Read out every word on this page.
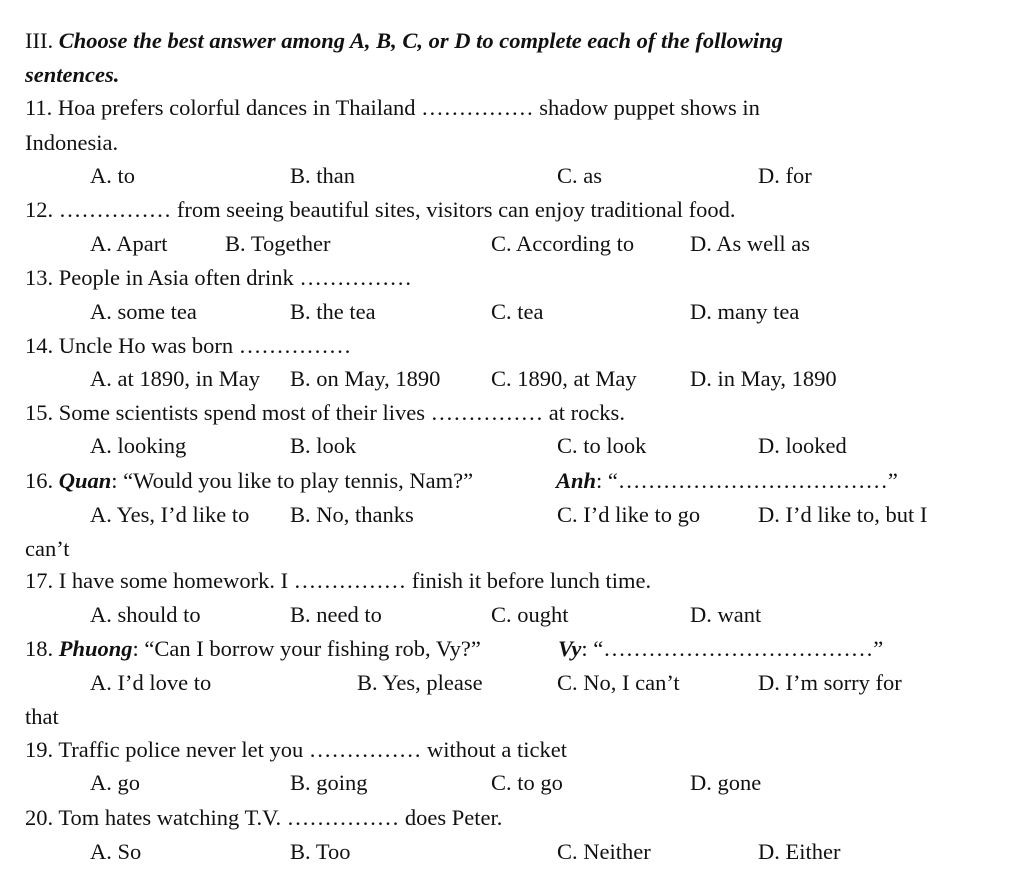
III. Choose the best answer among A, B, C, or D to complete each of the following
sentences.
11. Hoa prefers colorful dances in Thailand …………… shadow puppet shows in
Indonesia.
A. to	B. than	C. as	D. for
12. …………… from seeing beautiful sites, visitors can enjoy traditional food.
A. Apart	B. Together	C. According to D. As well as
13. People in Asia often drink ……………
A. some tea	B. the tea	C. tea	D. many tea
14. Uncle Ho was born ……………
A. at 1890, in May B. on May, 1890 C. 1890, at May D. in May, 1890
15. Some scientists spend most of their lives …………… at rocks.
A. looking	B. look	C. to look	D. looked
16. Quan: “Would you like to play tennis, Nam?”	Anh: “………………………………”
A. Yes, I’d like to B. No, thanks	C. I’d like to go	D. I’d like to, but I
can’t
17. I have some homework. I …………… finish it before lunch time.
A. should to	B. need to	C. ought	D. want
18. Phuong: “Can I borrow your fishing rob, Vy?”	Vy: “………………………………”
A. I’d love to	B. Yes, please	C. No, I can’t	D. I’m sorry for
that
19. Traffic police never let you …………… without a ticket
A. go	B. going	C. to go	D. gone
20. Tom hates watching T.V. …………… does Peter.
A. So	B. Too	C. Neither	D. Either
